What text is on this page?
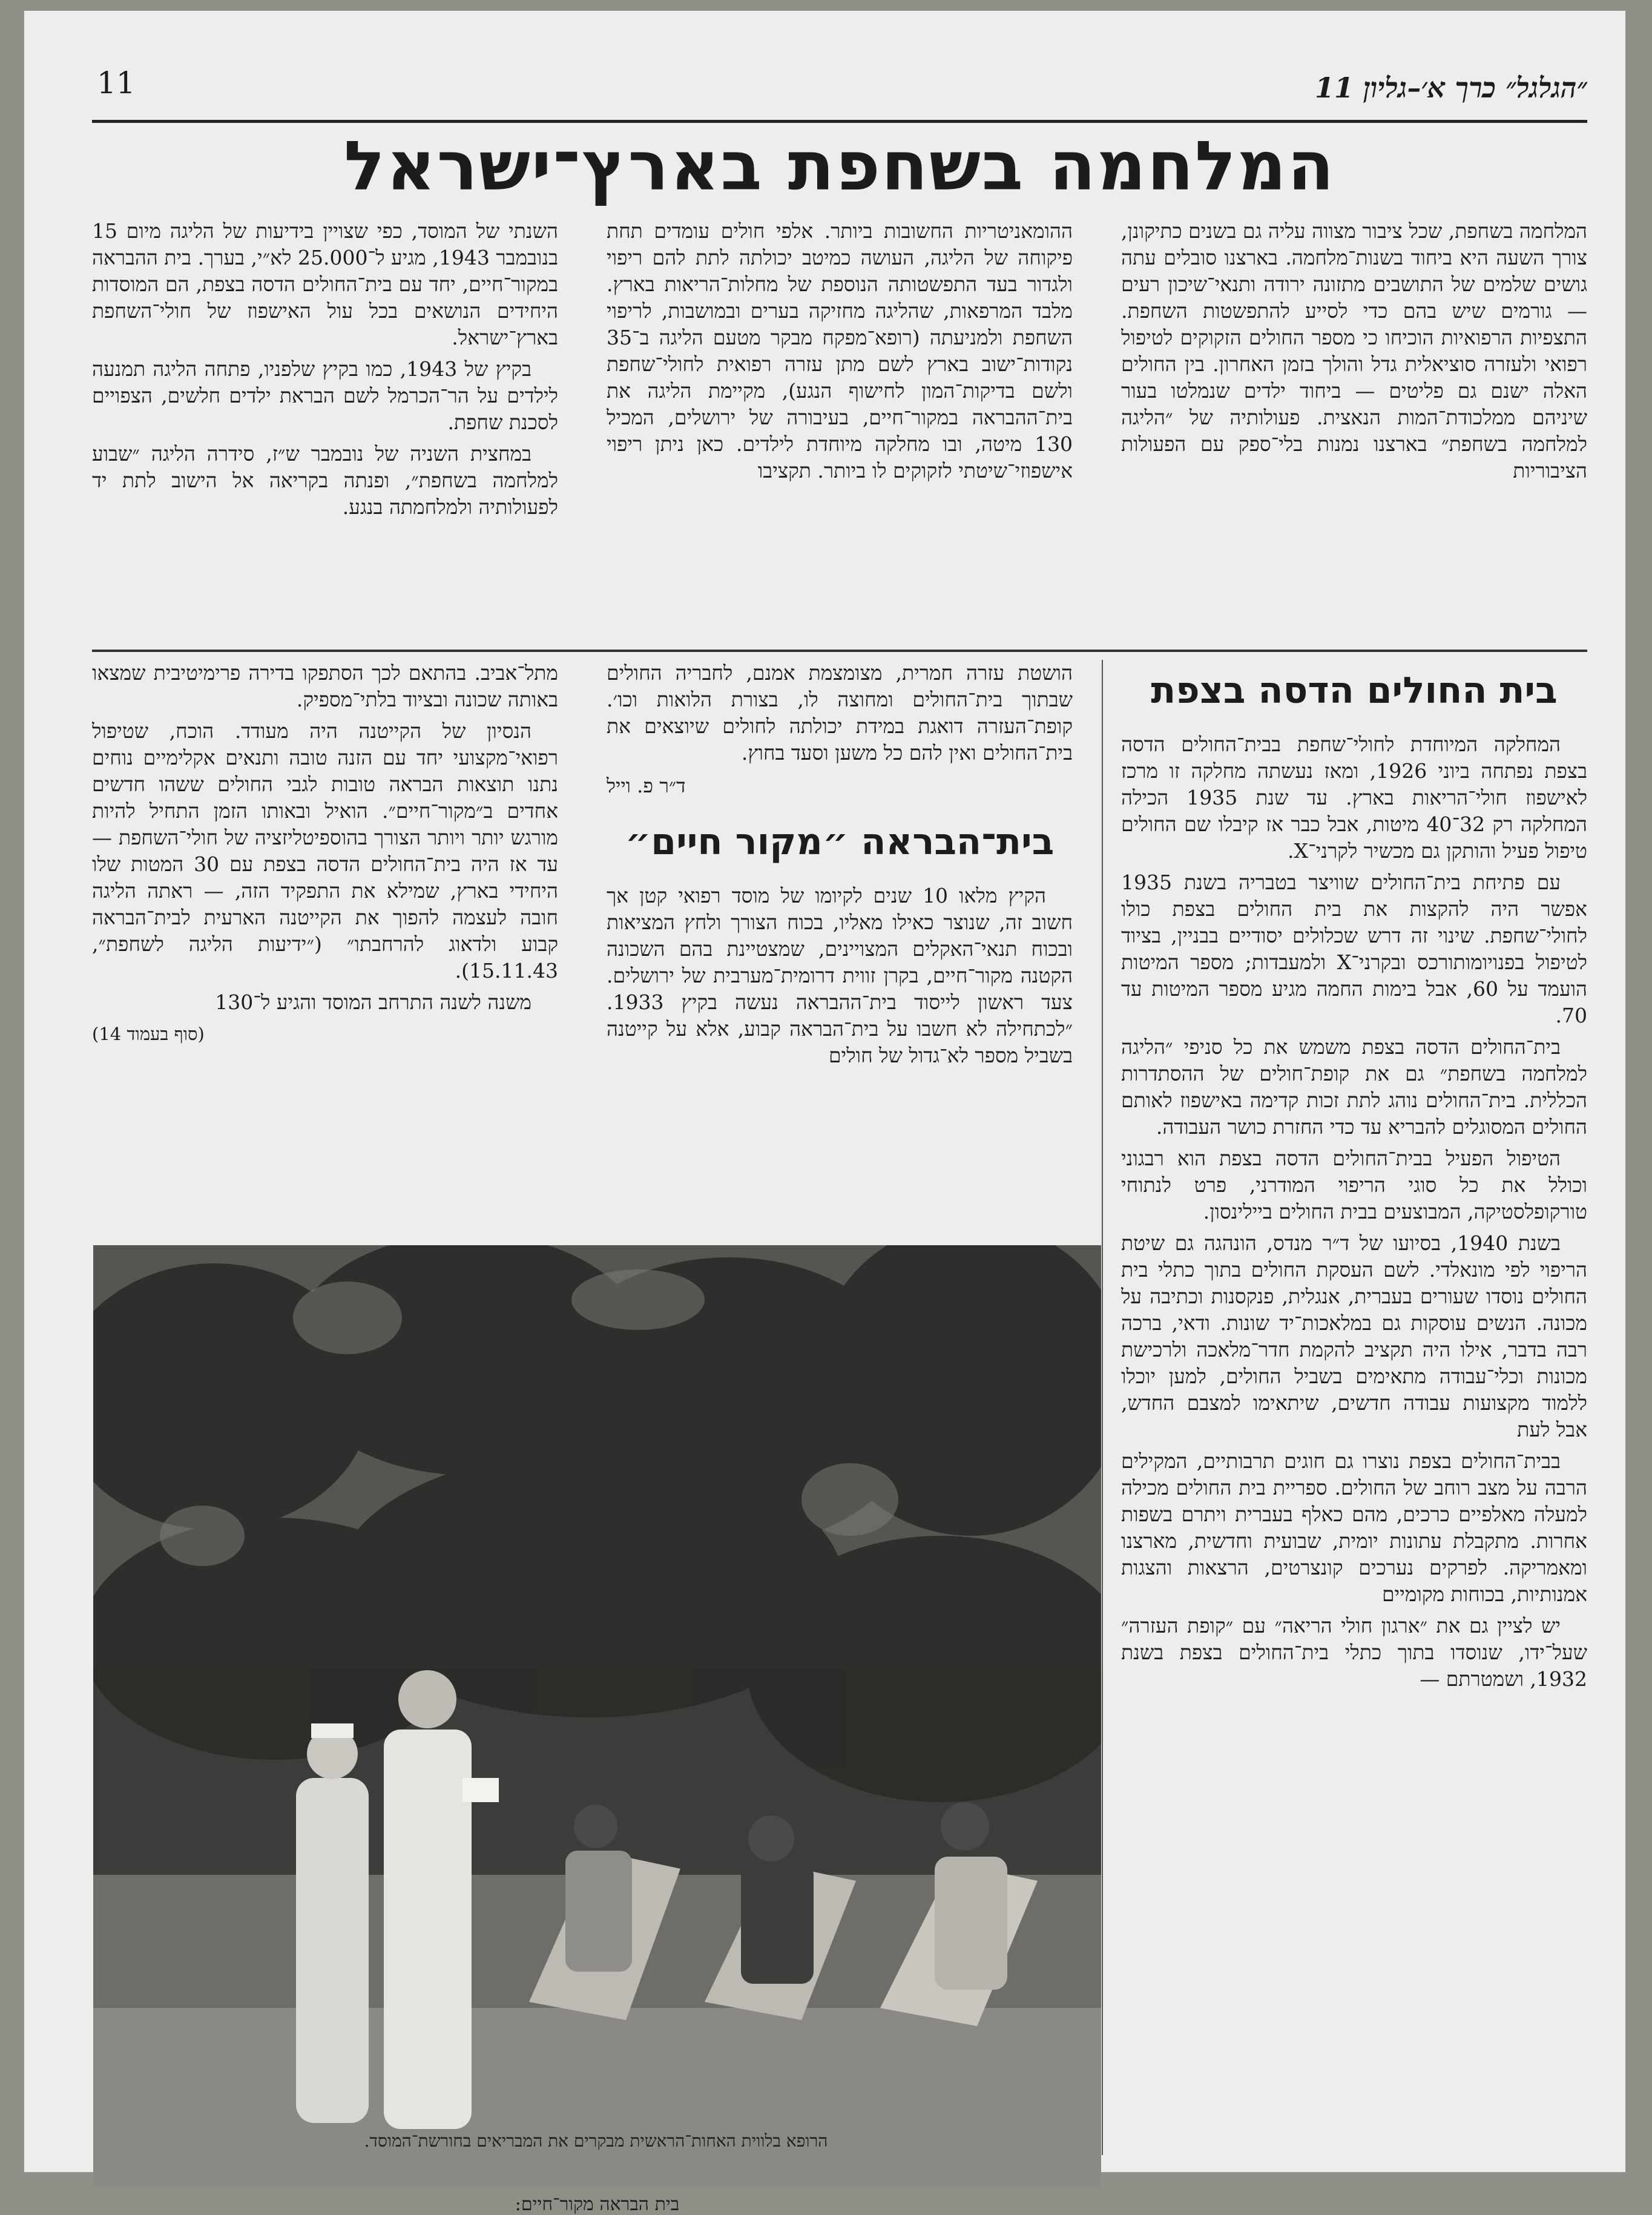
11	״הגלגל״ כרך א׳–גליון 11
המלחמה בשחפת בארץ־ישראל

המלחמה בשחפת, שכל ציבור מצווה עליה גם בשנים כתיקונן, צורך השעה היא ביחוד בשנות־מלחמה. בארצנו סובלים עתה גושים שלמים של התושבים מתזונה ירודה ותנאי־שיכון רעים — גורמים שיש בהם כדי לסייע להתפשטות השחפת. התצפיות הרפואיות הוכיחו כי מספר החולים הזקוקים לטיפול רפואי ולעזרה סוציאלית גדל והולך בזמן האחרון. בין החולים האלה ישנם גם פליטים — ביחוד ילדים שנמלטו בעור שיניהם ממלכודת־המות הנאצית. פעולותיה של ״הליגה למלחמה בשחפת״ בארצנו נמנות בלי־ספק עם הפעולות הציבוריות

ההומאניטריות החשובות ביותר. אלפי חולים עומדים תחת פיקוחה של הליגה, העושה כמיטב יכולתה לתת להם ריפוי ולגדור בעד התפשטותה הנוספת של מחלות־הריאות בארץ. מלבד המרפאות, שהליגה מחזיקה בערים ובמושבות, לריפוי השחפת ולמניעתה (רופא־מפקח מבקר מטעם הליגה ב־35 נקודות־ישוב בארץ לשם מתן עזרה רפואית לחולי־שחפת ולשם בדיקות־המון לחישוף הנגע), מקיימת הליגה את בית־ההבראה במקור־חיים, בעיבורה של ירושלים, המכיל 130 מיטה, ובו מחלקה מיוחדת לילדים. כאן ניתן ריפוי אישפוזי־שיטתי לזקוקים לו ביותר. תקציבו

השנתי של המוסד, כפי שצויין בידיעות של הליגה מיום 15 בנובמבר 1943, מגיע ל־25.000 לא״י, בערך. בית ההבראה במקור־חיים, יחד עם בית־החולים הדסה בצפת, הם המוסדות היחידים הנושאים בכל עול האישפוז של חולי־השחפת בארץ־ישראל.

בקיץ של 1943, כמו בקיץ שלפניו, פתחה הליגה תמנעה לילדים על הר־הכרמל לשם הבראת ילדים חלשים, הצפויים לסכנת שחפת.

במחצית השניה של נובמבר ש״ז, סידרה הליגה ״שבוע למלחמה בשחפת״, ופנתה בקריאה אל הישוב לתת יד לפעולותיה ולמלחמתה בנגע.

בית החולים הדסה בצפת

המחלקה המיוחדת לחולי־שחפת בבית־החולים הדסה בצפת נפתחה ביוני 1926, ומאז נעשתה מחלקה זו מרכז לאישפוז חולי־הריאות בארץ. עד שנת 1935 הכילה המחלקה רק 32־40 מיטות, אבל כבר אז קיבלו שם החולים טיפול פעיל והותקן גם מכשיר לקרני־X.

עם פתיחת בית־החולים שוויצר בטבריה בשנת 1935 אפשר היה להקצות את בית החולים בצפת כולו לחולי־שחפת. שינוי זה דרש שכלולים יסודיים בבניין, בציוד לטיפול בפנויומותורכס ובקרני־X ולמעבדות; מספר המיטות הועמד על 60, אבל בימות החמה מגיע מספר המיטות עד 70.

בית־החולים הדסה בצפת משמש את כל סניפי ״הליגה למלחמה בשחפת״ גם את קופת־חולים של ההסתדרות הכללית. בית־החולים נוהג לתת זכות קדימה באישפוז לאותם החולים המסוגלים להבריא עד כדי החזרת כושר העבודה.

הטיפול הפעיל בבית־החולים הדסה בצפת הוא רבגוני וכולל את כל סוגי הריפוי המודרני, פרט לנתוחי טורקופלסטיקה, המבוצעים בבית החולים ביילינסון.

בשנת 1940, בסיועו של ד״ר מנדס, הונהגה גם שיטת הריפוי לפי מונאלדי. לשם העסקת החולים בתוך כתלי בית החולים נוסדו שעורים בעברית, אנגלית, פנקסנות וכתיבה על מכונה. הנשים עוסקות גם במלאכות־יד שונות. ודאי, ברכה רבה בדבר, אילו היה תקציב להקמת חדר־מלאכה ולרכישת מכונות וכלי־עבודה מתאימים בשביל החולים, למען יוכלו ללמוד מקצועות עבודה חדשים, שיתאימו למצבם החדש, אבל לעת

בבית־החולים בצפת נוצרו גם חוגים תרבותיים, המקילים הרבה על מצב רוחב של החולים. ספריית בית החולים מכילה למעלה מאלפיים כרכים, מהם כאלף בעברית ויתרם בשפות אחרות. מתקבלת עתונות יומית, שבועית וחדשית, מארצנו ומאמריקה. לפרקים נערכים קונצרטים, הרצאות והצגות אמנותיות, בכוחות מקומיים

יש לציין גם את ״ארגון חולי הריאה״ עם ״קופת העזרה״ שעל־ידו, שנוסדו בתוך כתלי בית־החולים בצפת בשנת 1932, ושמטרתם —

הושטת עזרה חמרית, מצומצמת אמנם, לחבריה החולים שבתוך בית־החולים ומחוצה לו, בצורת הלואות וכו׳. קופת־העזרה דואגת במידת יכולתה לחולים שיוצאים את בית־החולים ואין להם כל משען וסעד בחוץ.

ד״ר פ. וייל
בית־הבראה ״מקור חיים״

הקיץ מלאו 10 שנים לקיומו של מוסד רפואי קטן אך חשוב זה, שנוצר כאילו מאליו, בכוח הצורך ולחץ המציאות ובכוח תנאי־האקלים המצויינים, שמצטיינת בהם השכונה הקטנה מקור־חיים, בקרן זווית דרומית־מערבית של ירושלים. צעד ראשון לייסוד בית־ההבראה נעשה בקיץ 1933. ״לכתחילה לא חשבו על בית־הבראה קבוע, אלא על קייטנה בשביל מספר לא־גדול של חולים

מתל־אביב. בהתאם לכך הסתפקו בדירה פרימיטיבית שמצאו באותה שכונה ובציוד בלתי־מספיק.

הנסיון של הקייטנה היה מעודד. הוכח, שטיפול רפואי־מקצועי יחד עם הזנה טובה ותנאים אקלימיים נוחים נתנו תוצאות הבראה טובות לגבי החולים ששהו חדשים אחדים ב״מקור־חיים״. הואיל ובאותו הזמן התחיל להיות מורגש יותר ויותר הצורך בהוספיטליזציה של חולי־השחפת — עד אז היה בית־החולים הדסה בצפת עם 30 המטות שלו היחידי בארץ, שמילא את התפקיד הזה, — ראתה הליגה חובה לעצמה להפוך את הקייטנה הארעית לבית־הבראה קבוע ולדאוג להרחבתו״ (״ידיעות הליגה לשחפת״, 15.11.43).

משנה לשנה התרחב המוסד והגיע ל־130

(סוף בעמוד 14)
בית הבראה מקור־חיים:
הרופא בלווית האחות־הראשית מבקרים את המבריאים בחורשת־המוסד.
